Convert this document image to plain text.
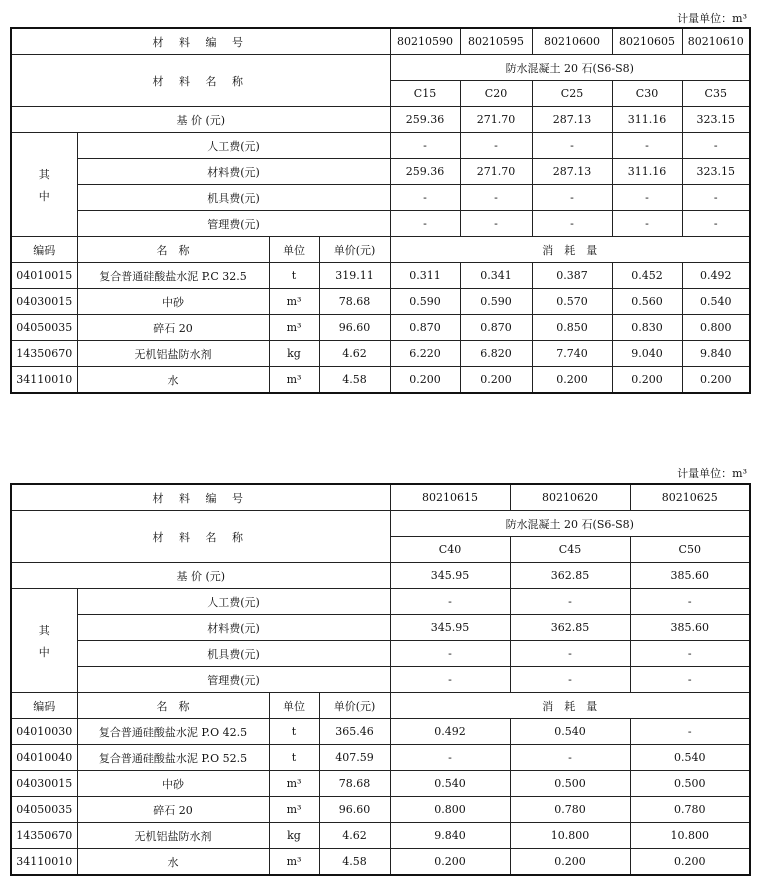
计量单位：m³
材 料 编 号				80210590	80210595	80210600	80210605	80210610
材 料 名 称				防水混凝土 20 石(S6-S8)				
				C15	C20	C25	C30	C35
基 价 (元)				259.36	271.70	287.13	311.16	323.15

其
中	人工费(元)			-	-	-	-	-
	材料费(元)			259.36	271.70	287.13	311.16	323.15
	机具费(元)			-	-	-	-	-
	管理费(元)			-	-	-	-	-
编码	名　称	单位	单价(元)	消　耗　量				
04010015	复合普通硅酸盐水泥 P.C 32.5	t	319.11	0.311	0.341	0.387	0.452	0.492
04030015	中砂	m³	78.68	0.590	0.590	0.570	0.560	0.540
04050035	碎石 20	m³	96.60	0.870	0.870	0.850	0.830	0.800
14350670	无机铝盐防水剂	kg	4.62	6.220	6.820	7.740	9.040	9.840
34110010	水	m³	4.58	0.200	0.200	0.200	0.200	0.200
计量单位：m³
材 料 编 号				80210615	80210620	80210625
材 料 名 称				防水混凝土 20 石(S6-S8)		
				C40	C45	C50
基 价 (元)				345.95	362.85	385.60

其
中	人工费(元)			-	-	-
	材料费(元)			345.95	362.85	385.60
	机具费(元)			-	-	-
	管理费(元)			-	-	-
编码	名　称	单位	单价(元)	消　耗　量		
04010030	复合普通硅酸盐水泥 P.O 42.5	t	365.46	0.492	0.540	-
04010040	复合普通硅酸盐水泥 P.O 52.5	t	407.59	-	-	0.540
04030015	中砂	m³	78.68	0.540	0.500	0.500
04050035	碎石 20	m³	96.60	0.800	0.780	0.780
14350670	无机铝盐防水剂	kg	4.62	9.840	10.800	10.800
34110010	水	m³	4.58	0.200	0.200	0.200
